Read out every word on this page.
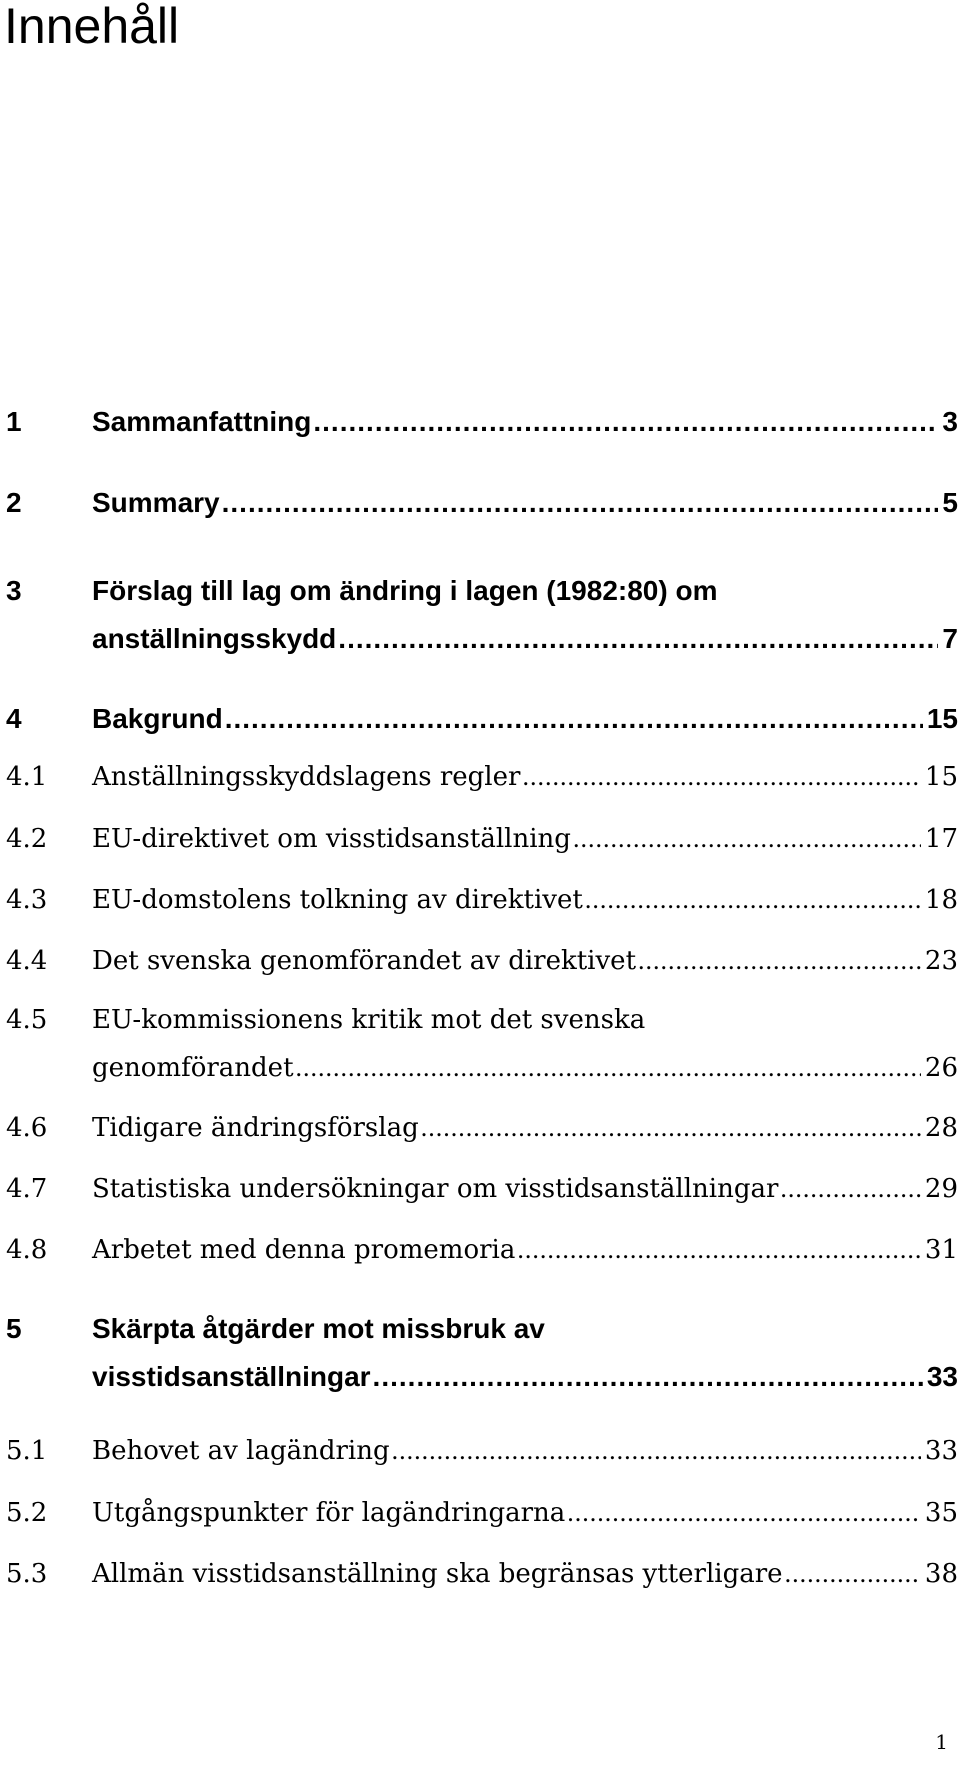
Innehåll
1	Sammanfattning .....	3
2	Summary .....	5
3	Förslag till lag om ändring i lagen (1982:80) om
anställningsskydd .....	7
4	Bakgrund .....	15
4.1	Anställningsskyddslagens regler .....	15
4.2	EU-direktivet om visstidsanställning .....	17
4.3	EU-domstolens tolkning av direktivet .....	18
4.4	Det svenska genomförandet av direktivet .....	23
4.5	EU-kommissionens kritik mot det svenska
genomförandet .....	26
4.6	Tidigare ändringsförslag .....	28
4.7	Statistiska undersökningar om visstidsanställningar .....	29
4.8	Arbetet med denna promemoria .....	31
5	Skärpta åtgärder mot missbruk av
visstidsanställningar .....	33
5.1	Behovet av lagändring .....	33
5.2	Utgångspunkter för lagändringarna .....	35
5.3	Allmän visstidsanställning ska begränsas ytterligare .....	38
1
